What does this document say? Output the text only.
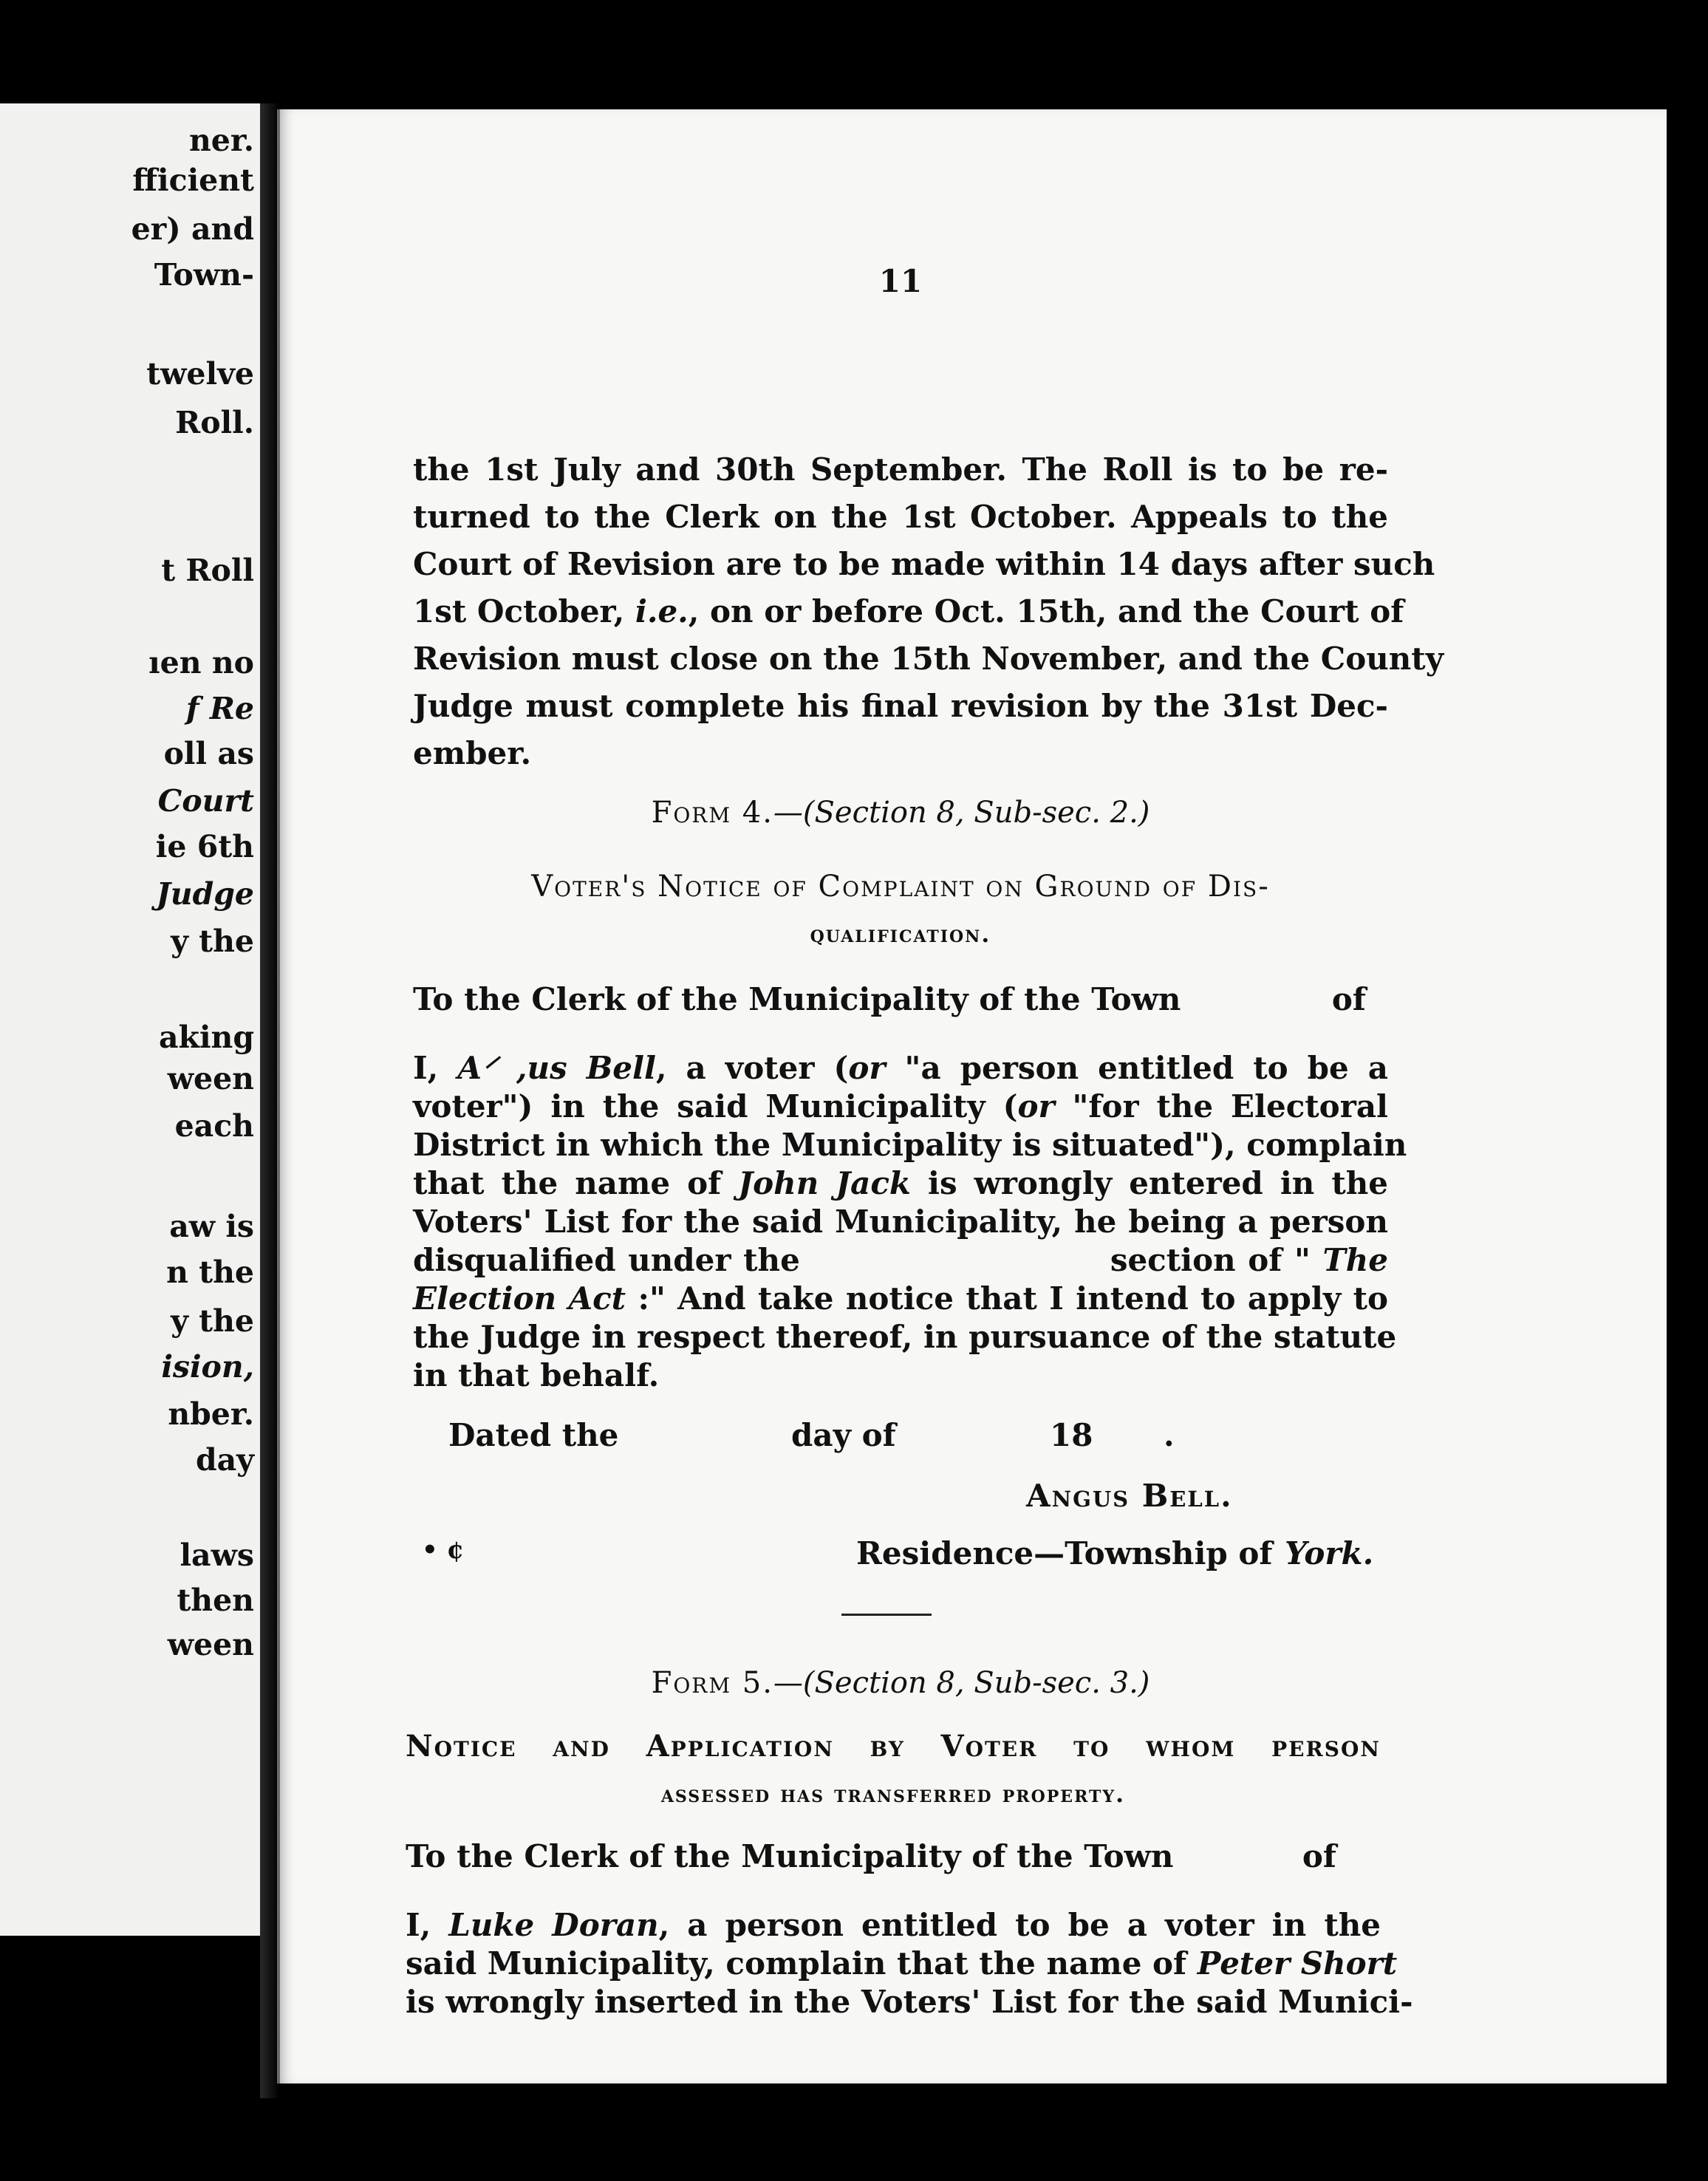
ner.
fficient
er) and
Town-
twelve
Roll.
t Roll
ıen no
f Re
oll as
Court
ie 6th
Judge
y the
aking
ween
each
aw is
n the
y the
ision,
nber.
day
laws
then
ween
11
the 1st July and 30th September. The Roll is to be re-
turned to the Clerk on the 1st October. Appeals to the
Court of Revision are to be made within 14 days after such
1st October, i.e., on or before Oct. 15th, and the Court of
Revision must close on the 15th November, and the County
Judge must complete his final revision by the 31st Dec-
ember.
Form 4.—(Section 8, Sub-sec. 2.)
Voter's Notice of Complaint on Ground of Dis-
qualification.
To the Clerk of the Municipality of the Town	of
I, A⸍ ,us Bell, a voter (or "a person entitled to be a
voter") in the said Municipality (or "for the Electoral
District in which the Municipality is situated"), complain
that the name of John Jack is wrongly entered in the
Voters' List for the said Municipality, he being a person
disqualified under the	section of " The
Election Act :" And take notice that I intend to apply to
the Judge in respect thereof, in pursuance of the statute
in that behalf.
Dated the	day of	18 .
Angus Bell.
• ¢	Residence—Township of York.
Form 5.—(Section 8, Sub-sec. 3.)
Notice and Application by Voter to whom person
assessed has transferred property.
To the Clerk of the Municipality of the Town	of
I, Luke Doran, a person entitled to be a voter in the
said Municipality, complain that the name of Peter Short
is wrongly inserted in the Voters' List for the said Munici-
